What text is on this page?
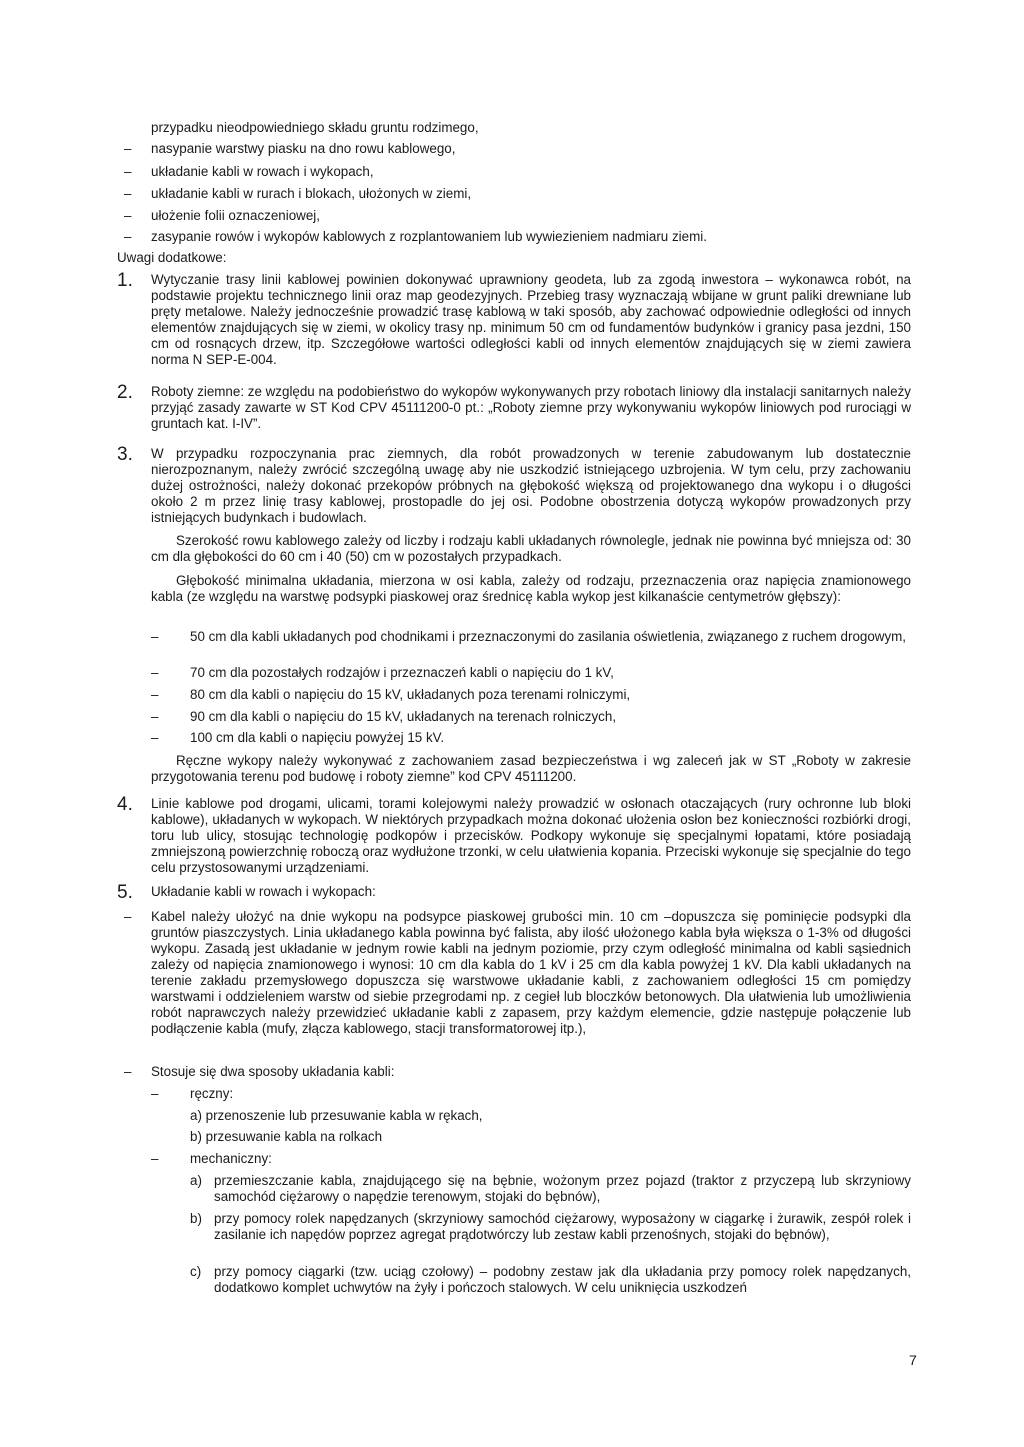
przypadku nieodpowiedniego składu gruntu rodzimego,
– nasypanie warstwy piasku na dno rowu kablowego,
– układanie kabli w rowach i wykopach,
– układanie kabli w rurach i blokach, ułożonych w ziemi,
– ułożenie folii oznaczeniowej,
– zasypanie rowów i wykopów kablowych z rozplantowaniem lub wywiezieniem nadmiaru ziemi.
Uwagi dodatkowe:
1. Wytyczanie trasy linii kablowej powinien dokonywać uprawniony geodeta, lub za zgodą inwestora – wykonawca robót, na podstawie projektu technicznego linii oraz map geodezyjnych. Przebieg trasy wyznaczają wbijane w grunt paliki drewniane lub pręty metalowe. Należy jednocześnie prowadzić trasę kablową w taki sposób, aby zachować odpowiednie odległości od innych elementów znajdujących się w ziemi, w okolicy trasy np. minimum 50 cm od fundamentów budynków i granicy pasa jezdni, 150 cm od rosnących drzew, itp. Szczegółowe wartości odległości kabli od innych elementów znajdujących się w ziemi zawiera norma N SEP-E-004.
2. Roboty ziemne: ze względu na podobieństwo do wykopów wykonywanych przy robotach liniowy dla instalacji sanitarnych należy przyjąć zasady zawarte w ST Kod CPV 45111200-0 pt.: „Roboty ziemne przy wykonywaniu wykopów liniowych pod rurociągi w gruntach kat. I-IV”.
3. W przypadku rozpoczynania prac ziemnych, dla robót prowadzonych w terenie zabudowanym lub dostatecznie nierozpoznanym, należy zwrócić szczególną uwagę aby nie uszkodzić istniejącego uzbrojenia. W tym celu, przy zachowaniu dużej ostrożności, należy dokonać przekopów próbnych na głębokość większą od projektowanego dna wykopu i o długości około 2 m przez linię trasy kablowej, prostopadle do jej osi. Podobne obostrzenia dotyczą wykopów prowadzonych przy istniejących budynkach i budowlach.
Szerokość rowu kablowego zależy od liczby i rodzaju kabli układanych równolegle, jednak nie powinna być mniejsza od: 30 cm dla głębokości do 60 cm i 40 (50) cm w pozostałych przypadkach.
Głębokość minimalna układania, mierzona w osi kabla, zależy od rodzaju, przeznaczenia oraz napięcia znamionowego kabla (ze względu na warstwę podsypki piaskowej oraz średnicę kabla wykop jest kilkanaście centymetrów głębszy):
–	50 cm dla kabli układanych pod chodnikami i przeznaczonymi do zasilania oświetlenia, związanego z ruchem drogowym,
– 70 cm dla pozostałych rodzajów i przeznaczeń kabli o napięciu do 1 kV,
– 80 cm dla kabli o napięciu do 15 kV, układanych poza terenami rolniczymi,
– 90 cm dla kabli o napięciu do 15 kV, układanych na terenach rolniczych,
– 100 cm dla kabli o napięciu powyżej 15 kV.
Ręczne wykopy należy wykonywać z zachowaniem zasad bezpieczeństwa i wg zaleceń jak w ST „Roboty w zakresie przygotowania terenu pod budowę i roboty ziemne” kod CPV 45111200.
4. Linie kablowe pod drogami, ulicami, torami kolejowymi należy prowadzić w osłonach otaczających (rury ochronne lub bloki kablowe), układanych w wykopach. W niektórych przypadkach można dokonać ułożenia osłon bez konieczności rozbiórki drogi, toru lub ulicy, stosując technologię podkopów i przecisków. Podkopy wykonuje się specjalnymi łopatami, które posiadają zmniejszoną powierzchnię roboczą oraz wydłużone trzonki, w celu ułatwienia kopania. Przeciski wykonuje się specjalnie do tego celu przystosowanymi urządzeniami.
5. Układanie kabli w rowach i wykopach:
– Kabel należy ułożyć na dnie wykopu na podsypce piaskowej grubości min. 10 cm –dopuszcza się pominięcie podsypki dla gruntów piaszczystych. Linia układanego kabla powinna być falista, aby ilość ułożonego kabla była większa o 1-3% od długości wykopu. Zasadą jest układanie w jednym rowie kabli na jednym poziomie, przy czym odległość minimalna od kabli sąsiednich zależy od napięcia znamionowego i wynosi: 10 cm dla kabla do 1 kV i 25 cm dla kabla powyżej 1 kV. Dla kabli układanych na terenie zakładu przemysłowego dopuszcza się warstwowe układanie kabli, z zachowaniem odległości 15 cm pomiędzy warstwami i oddzieleniem warstw od siebie przegrodami np. z cegieł lub bloczków betonowych. Dla ułatwienia lub umożliwienia robót naprawczych należy przewidzieć układanie kabli z zapasem, przy każdym elemencie, gdzie następuje połączenie lub podłączenie kabla (mufy, złącza kablowego, stacji transformatorowej itp.),
– Stosuje się dwa sposoby układania kabli:
– ręczny:
a) przenoszenie lub przesuwanie kabla w rękach,
b) przesuwanie kabla na rolkach
– mechaniczny:
a) przemieszczanie kabla, znajdującego się na bębnie, wożonym przez pojazd (traktor z przyczepą lub skrzyniowy samochód ciężarowy o napędzie terenowym, stojaki do bębnów),
b) przy pomocy rolek napędzanych (skrzyniowy samochód ciężarowy, wyposażony w ciągarkę i żurawik, zespół rolek i zasilanie ich napędów poprzez agregat prądotwórczy lub zestaw kabli przenośnych, stojaki do bębnów),
c) przy pomocy ciągarki (tzw. uciąg czołowy) – podobny zestaw jak dla układania przy pomocy rolek napędzanych, dodatkowo komplet uchwytów na żyły i pończoch stalowych. W celu uniknięcia uszkodzeń
7
